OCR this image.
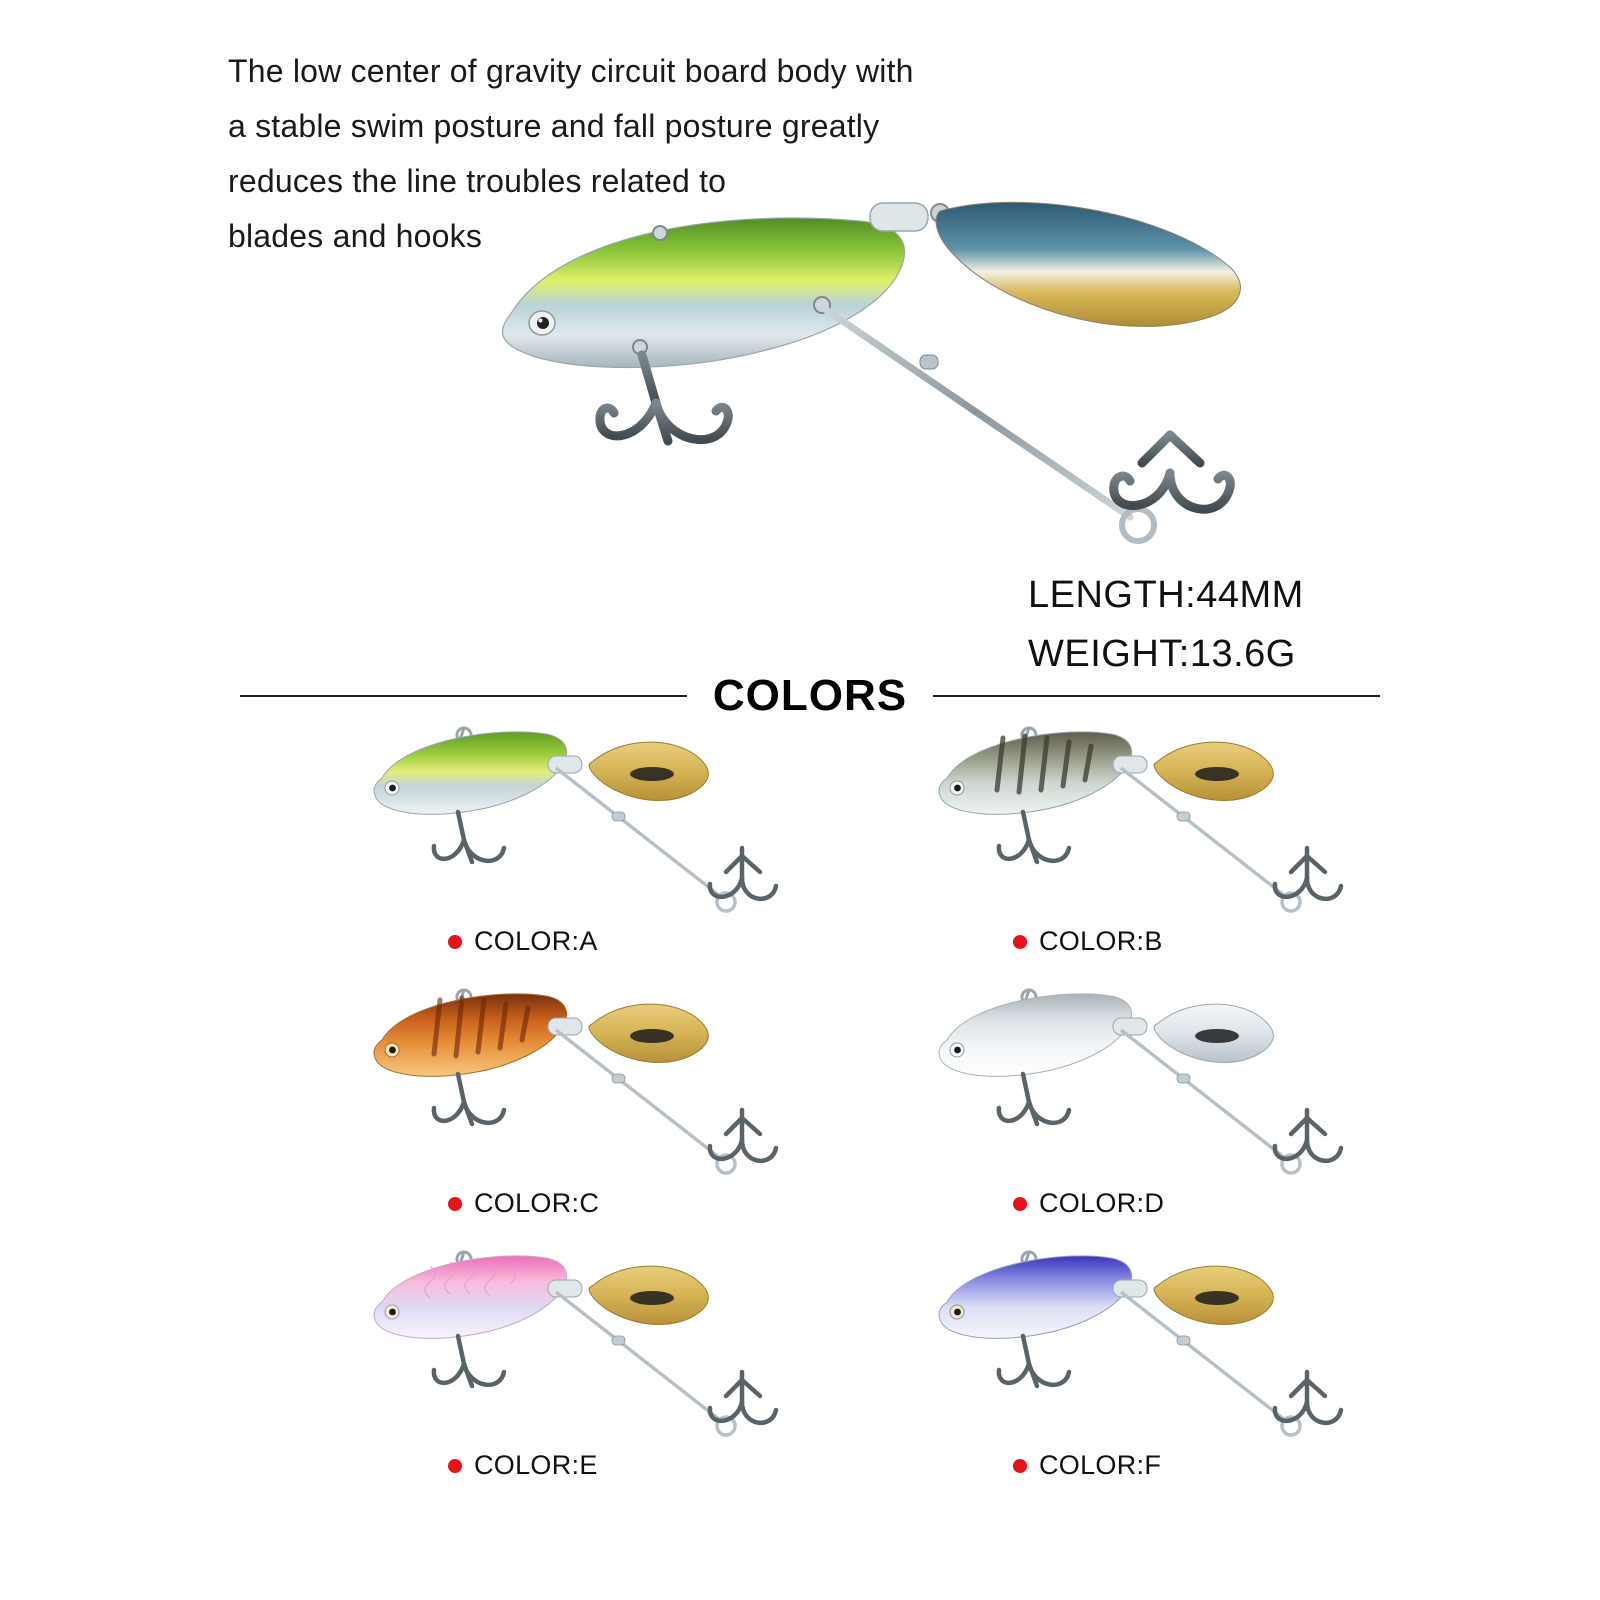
The low center of gravity circuit board body with
a stable swim posture and fall posture greatly
reduces the line troubles related to
blades and hooks
LENGTH:44MM
WEIGHT:13.6G
COLORS
COLOR:A	COLOR:B
COLOR:C	COLOR:D
COLOR:E	COLOR:F
